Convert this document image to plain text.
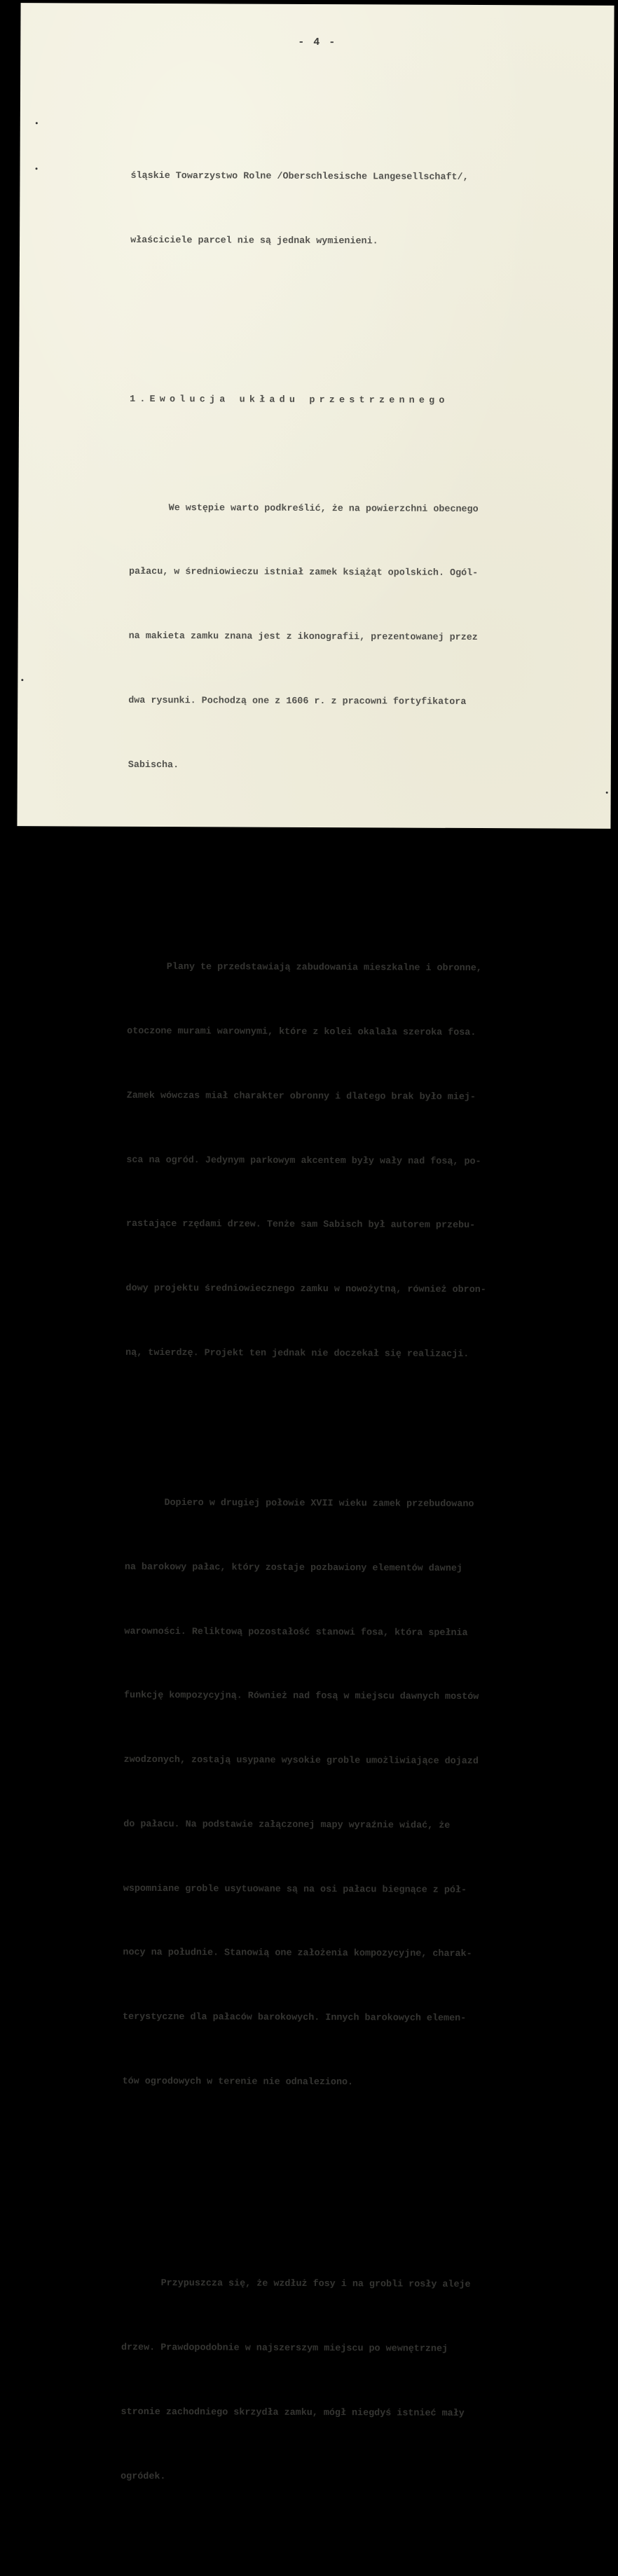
- 4 -

śląskie Towarzystwo Rolne /Oberschlesische Langesellschaft/,

właściciele parcel nie są jednak wymienieni.

1.Ewolucja układu przestrzennego

We wstępie warto podkreślić, że na powierzchni obecnego

pałacu, w średniowieczu istniał zamek książąt opolskich. Ogól-

na makieta zamku znana jest z ikonografii, prezentowanej przez

dwa rysunki. Pochodzą one z 1606 r. z pracowni fortyfikatora

Sabischa.

Plany te przedstawiają zabudowania mieszkalne i obronne,

otoczone murami warownymi, które z kolei okalała szeroka fosa.

Zamek wówczas miał charakter obronny i dlatego brak było miej-

sca na ogród. Jedynym parkowym akcentem były wały nad fosą, po-

rastające rzędami drzew. Tenże sam Sabisch był autorem przebu-

dowy projektu średniowiecznego zamku w nowożytną, również obron-

ną, twierdzę. Projekt ten jednak nie doczekał się realizacji.

Dopiero w drugiej połowie XVII wieku zamek przebudowano

na barokowy pałac, który zostaje pozbawiony elementów dawnej

warowności. Reliktową pozostałość stanowi fosa, która spełnia

funkcję kompozycyjną. Również nad fosą w miejscu dawnych mostów

zwodzonych, zostają usypane wysokie groble umożliwiające dojazd

do pałacu. Na podstawie załączonej mapy wyraźnie widać, że

wspomniane groble usytuowane są na osi pałacu biegnące z pół-

nocy na południe. Stanowią one założenia kompozycyjne, charak-

terystyczne dla pałaców barokowych. Innych barokowych elemen-

tów ogrodowych w terenie nie odnaleziono.

Przypuszcza się, że wzdłuż fosy i na grobli rosły aleje

drzew. Prawdopodobnie w najszerszym miejscu po wewnętrznej

stronie zachodniego skrzydła zamku, mógł niegdyś istnieć mały

ogródek.
